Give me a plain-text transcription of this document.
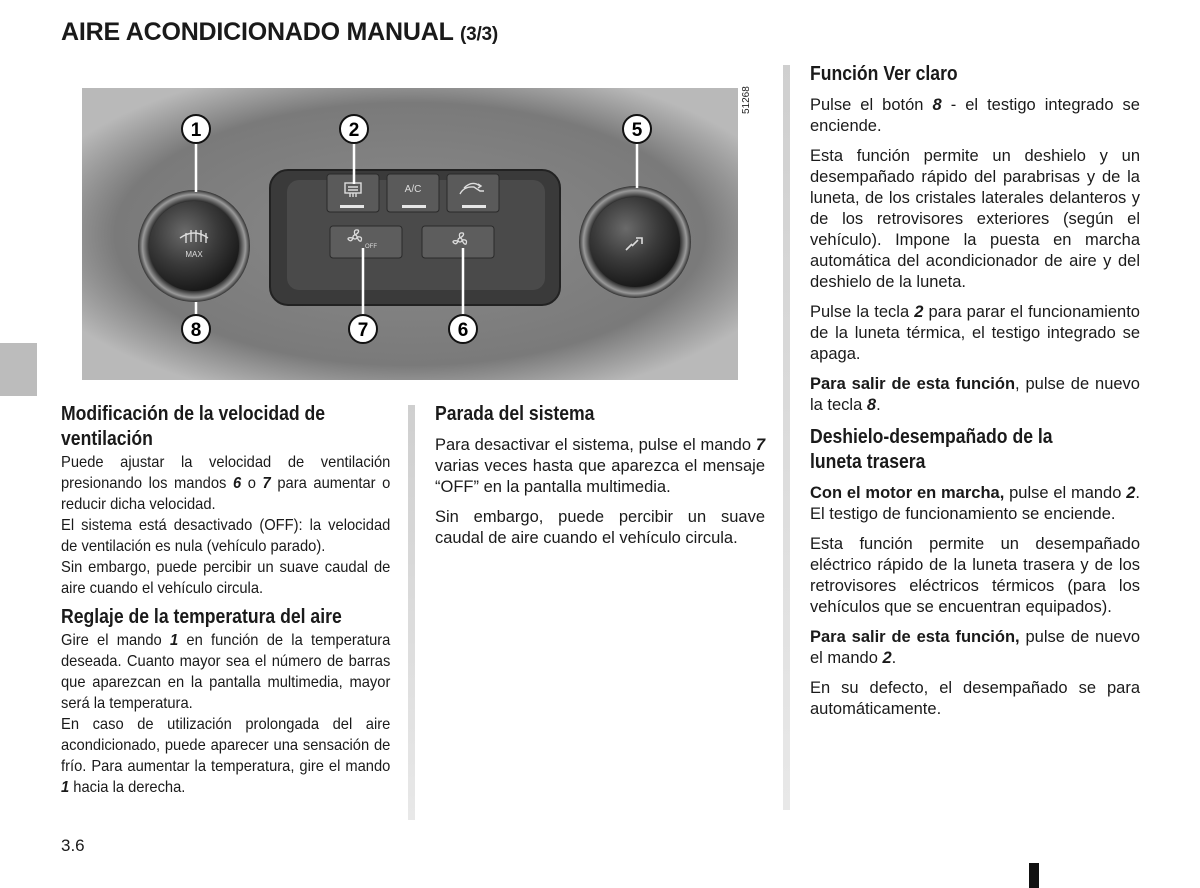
AIRE ACONDICIONADO MANUAL (3/3)
51268
A/C
OFF
MAX
1	2	5
8	7	6
Modificación de la velocidad de
ventilación

Puede ajustar la velocidad de ventilación presionando los mandos 6 o 7 para aumentar o reducir dicha velocidad.

El sistema está desactivado (OFF): la velocidad de ventilación es nula (vehículo parado).

Sin embargo, puede percibir un suave caudal de aire cuando el vehículo circula.

Reglaje de la temperatura del aire

Gire el mando 1 en función de la temperatura deseada. Cuanto mayor sea el número de barras que aparezcan en la pantalla multimedia, mayor será la temperatura.

En caso de utilización prolongada del aire acondicionado, puede aparecer una sensación de frío. Para aumentar la temperatura, gire el mando 1 hacia la derecha.

Parada del sistema

Para desactivar el sistema, pulse el mando 7 varias veces hasta que aparezca el mensaje “OFF” en la pantalla multimedia.

Sin embargo, puede percibir un suave caudal de aire cuando el vehículo circula.

Función Ver claro

Pulse el botón 8 - el testigo integrado se enciende.

Esta función permite un deshielo y un desempañado rápido del parabrisas y de la luneta, de los cristales laterales delanteros y de los retrovisores exteriores (según el vehículo). Impone la puesta en marcha automática del acondicionador de aire y del deshielo de la luneta.

Pulse la tecla 2 para parar el funcionamiento de la luneta térmica, el testigo integrado se apaga.

Para salir de esta función, pulse de nuevo la tecla 8.

Deshielo-desempañado de la
luneta trasera

Con el motor en marcha, pulse el mando 2. El testigo de funcionamiento se enciende.

Esta función permite un desempañado eléctrico rápido de la luneta trasera y de los retrovisores eléctricos térmicos (para los vehículos que se encuentran equipados).

Para salir de esta función, pulse de nuevo el mando 2.

En su defecto, el desempañado se para automáticamente.

3.6
